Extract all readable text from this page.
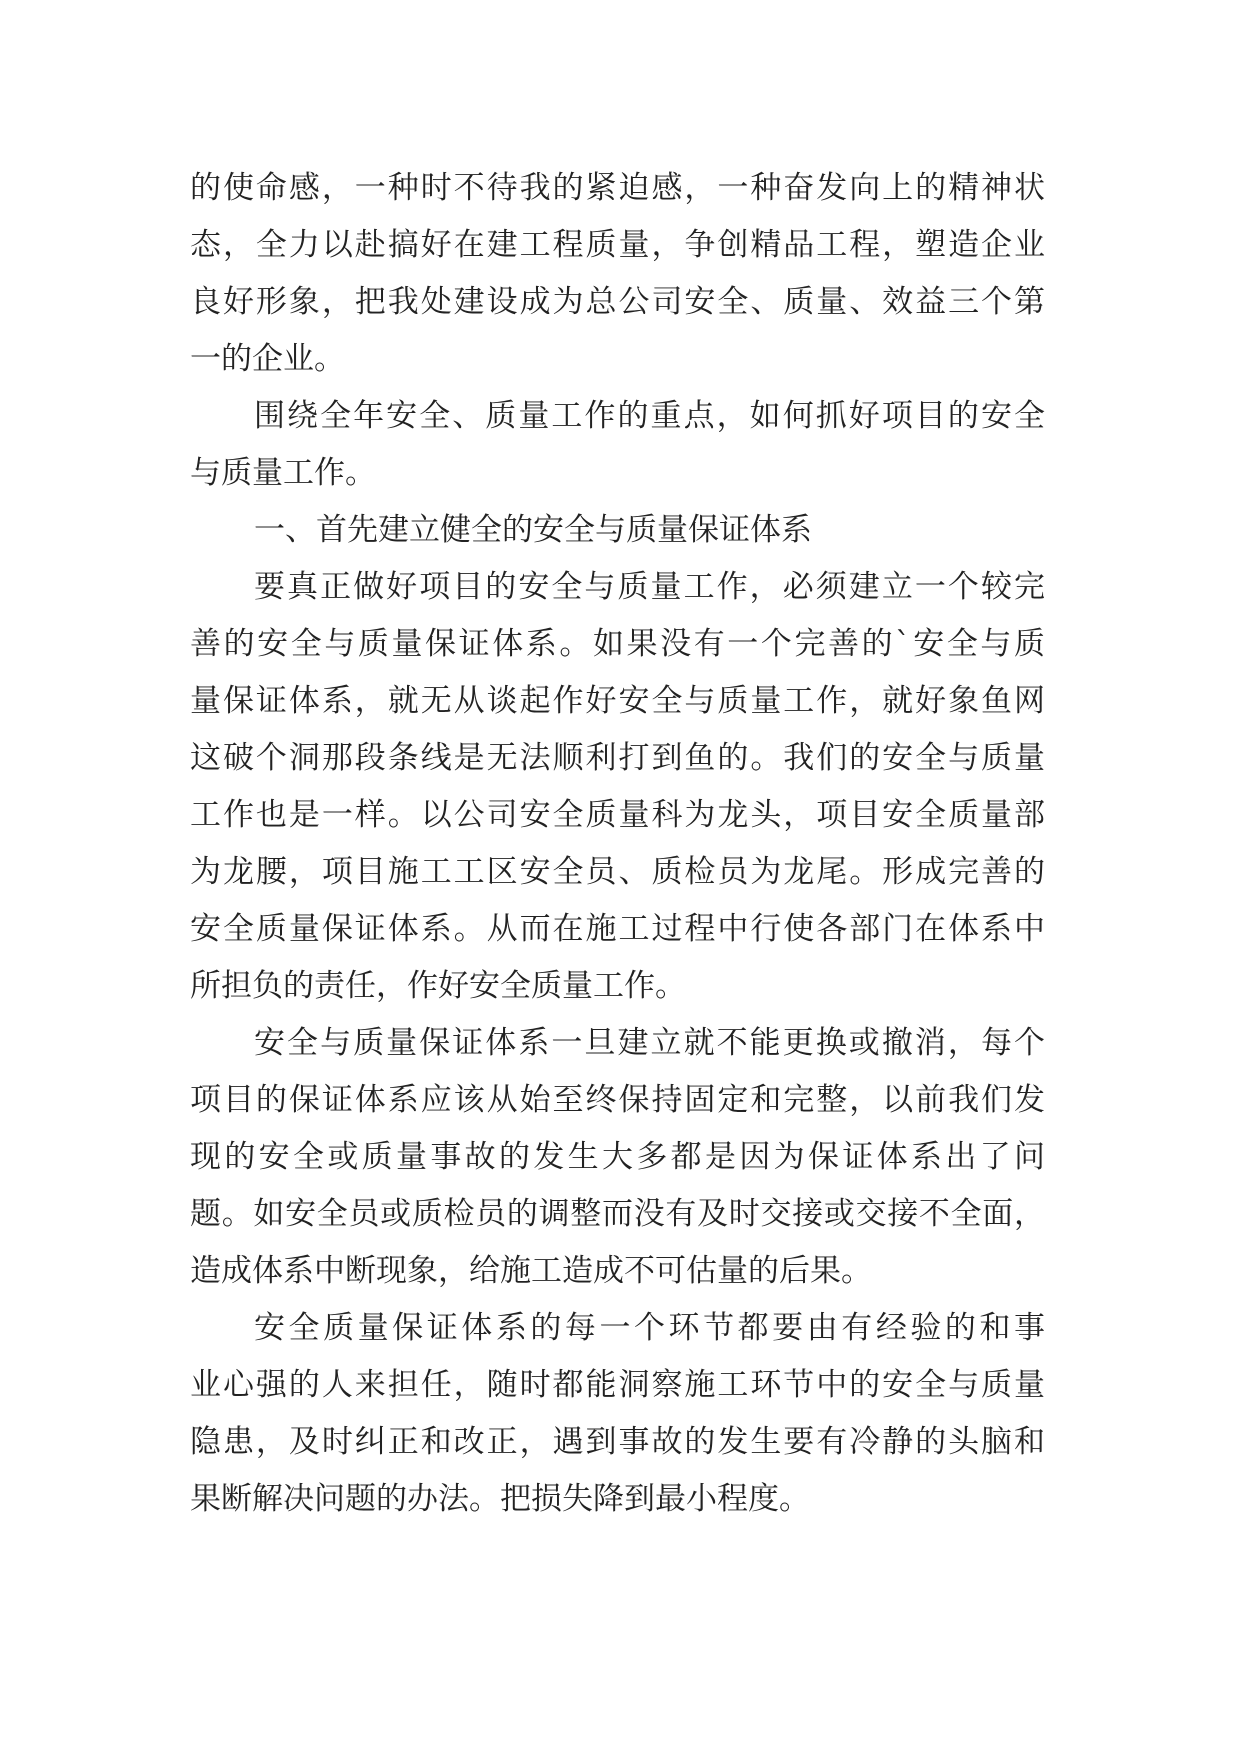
的使命感，一种时不待我的紧迫感，一种奋发向上的精神状
态，全力以赴搞好在建工程质量，争创精品工程，塑造企业
良好形象，把我处建设成为总公司安全、质量、效益三个第
一的企业。
围绕全年安全、质量工作的重点，如何抓好项目的安全
与质量工作。
一、首先建立健全的安全与质量保证体系
要真正做好项目的安全与质量工作，必须建立一个较完
善的安全与质量保证体系。如果没有一个完善的`安全与质
量保证体系，就无从谈起作好安全与质量工作，就好象鱼网
这破个洞那段条线是无法顺利打到鱼的。我们的安全与质量
工作也是一样。以公司安全质量科为龙头，项目安全质量部
为龙腰，项目施工工区安全员、质检员为龙尾。形成完善的
安全质量保证体系。从而在施工过程中行使各部门在体系中
所担负的责任，作好安全质量工作。
安全与质量保证体系一旦建立就不能更换或撤消，每个
项目的保证体系应该从始至终保持固定和完整，以前我们发
现的安全或质量事故的发生大多都是因为保证体系出了问
题。如安全员或质检员的调整而没有及时交接或交接不全面，
造成体系中断现象，给施工造成不可估量的后果。
安全质量保证体系的每一个环节都要由有经验的和事
业心强的人来担任，随时都能洞察施工环节中的安全与质量
隐患，及时纠正和改正，遇到事故的发生要有冷静的头脑和
果断解决问题的办法。把损失降到最小程度。
